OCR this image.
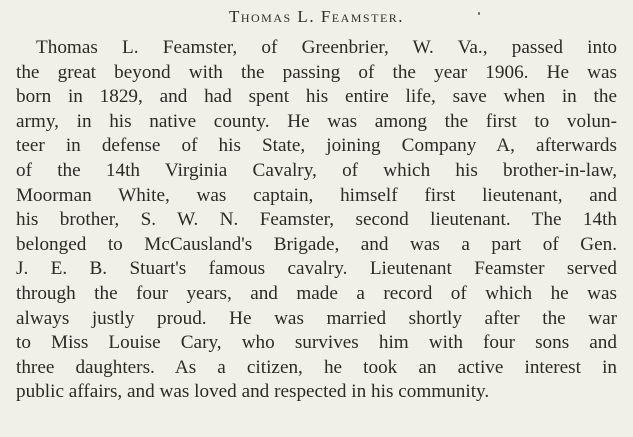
Thomas L. Feamster.
Thomas L. Feamster, of Greenbrier, W. Va., passed into
the great beyond with the passing of the year 1906. He was
born in 1829, and had spent his entire life, save when in the
army, in his native county. He was among the first to volun-
teer in defense of his State, joining Company A, afterwards
of the 14th Virginia Cavalry, of which his brother-in-law,
Moorman White, was captain, himself first lieutenant, and
his brother, S. W. N. Feamster, second lieutenant. The 14th
belonged to McCausland's Brigade, and was a part of Gen.
J. E. B. Stuart's famous cavalry. Lieutenant Feamster served
through the four years, and made a record of which he was
always justly proud. He was married shortly after the war
to Miss Louise Cary, who survives him with four sons and
three daughters. As a citizen, he took an active interest in
public affairs, and was loved and respected in his community.
